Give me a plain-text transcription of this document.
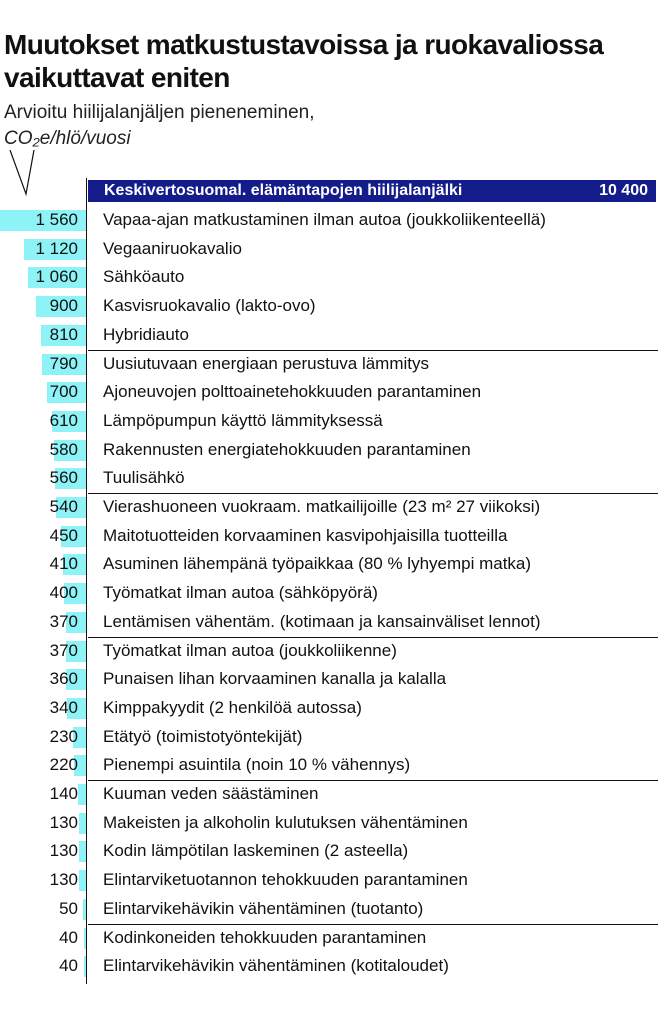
Muutokset matkustustavoissa ja ruokavaliossa vaikuttavat eniten
Arvioitu hiilijalanjäljen pieneneminen,
CO₂e/hlö/vuosi
Keskivertosuomal. elämäntapojen hiilijalanjälki	10 400
1 560 Vapaa-ajan matkustaminen ilman autoa (joukkoliikenteellä)
1 120 Vegaaniruokavalio
1 060 Sähköauto
900 Kasvisruokavalio (lakto-ovo)
810 Hybridiauto
790 Uusiutuvaan energiaan perustuva lämmitys
700 Ajoneuvojen polttoainetehokkuuden parantaminen
610 Lämpöpumpun käyttö lämmityksessä
580 Rakennusten energiatehokkuuden parantaminen
560 Tuulisähkö
540 Vierashuoneen vuokraam. matkailijoille (23 m² 27 viikoksi)
450 Maitotuotteiden korvaaminen kasvipohjaisilla tuotteilla
410 Asuminen lähempänä työpaikkaa (80 % lyhyempi matka)
400 Työmatkat ilman autoa (sähköpyörä)
370 Lentämisen vähentäm. (kotimaan ja kansainväliset lennot)
370 Työmatkat ilman autoa (joukkoliikenne)
360 Punaisen lihan korvaaminen kanalla ja kalalla
340 Kimppakyydit (2 henkilöä autossa)
230 Etätyö (toimistotyöntekijät)
220 Pienempi asuintila (noin 10 % vähennys)
140 Kuuman veden säästäminen
130 Makeisten ja alkoholin kulutuksen vähentäminen
130 Kodin lämpötilan laskeminen (2 asteella)
130 Elintarviketuotannon tehokkuuden parantaminen
50 Elintarvikehävikin vähentäminen (tuotanto)
40 Kodinkoneiden tehokkuuden parantaminen
40 Elintarvikehävikin vähentäminen (kotitaloudet)
